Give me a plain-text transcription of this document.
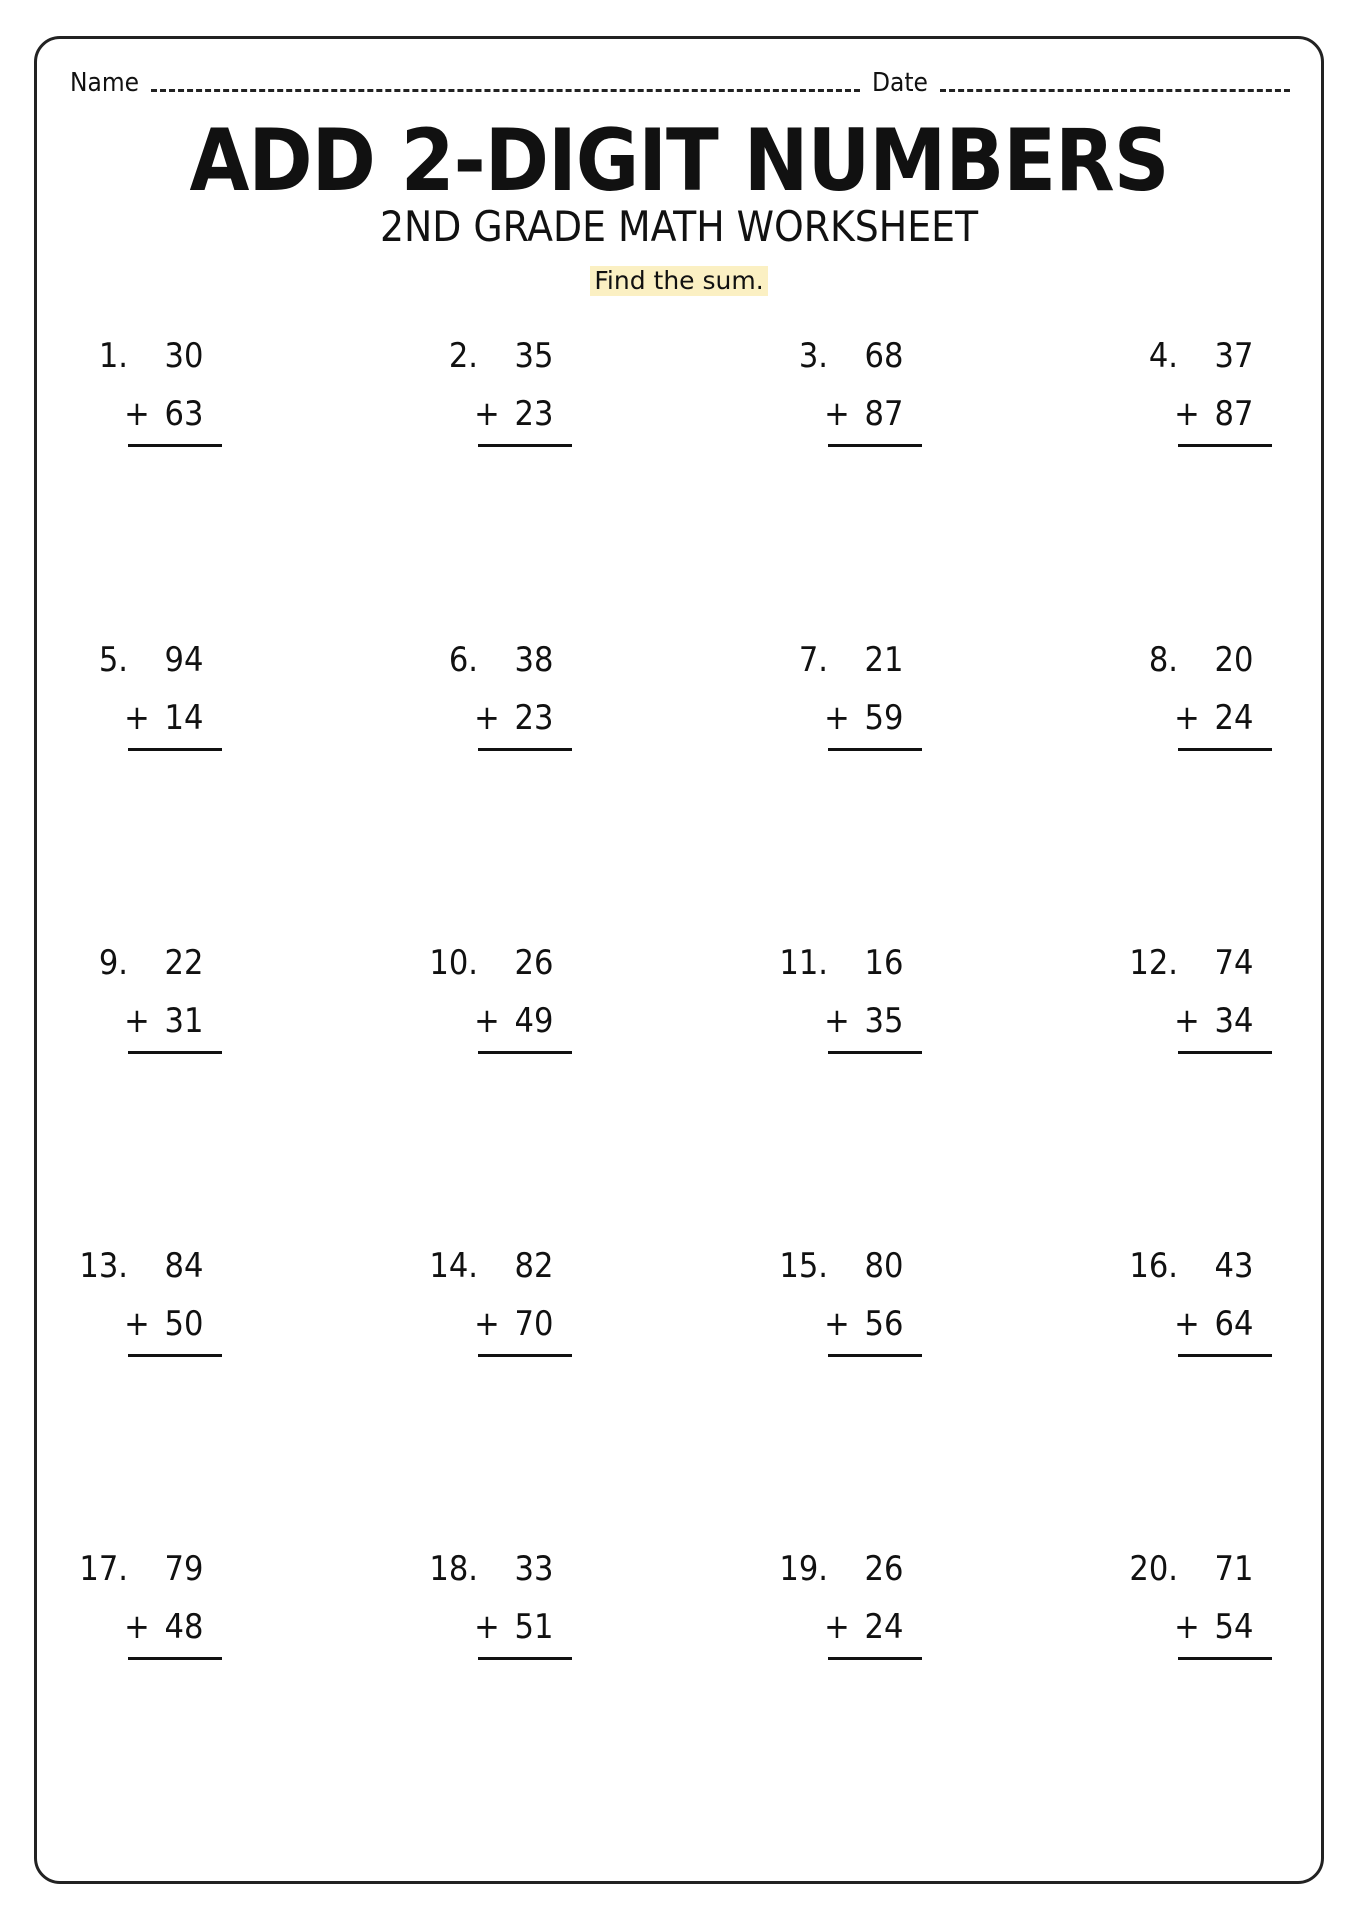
Name	Date
ADD 2-DIGIT NUMBERS
2ND GRADE MATH WORKSHEET
Find the sum.
1.	30
+ 63
2.	35
+ 23
3.	68
+ 87
4.	37
+ 87
5.	94
+ 14
6.	38
+ 23
7.	21
+ 59
8.	20
+ 24
9.	22
+ 31
10.	26
+ 49
11.	16
+ 35
12.	74
+ 34
13.	84
+ 50
14.	82
+ 70
15.	80
+ 56
16.	43
+ 64
17.	79
+ 48
18.	33
+ 51
19.	26
+ 24
20.	71
+ 54
